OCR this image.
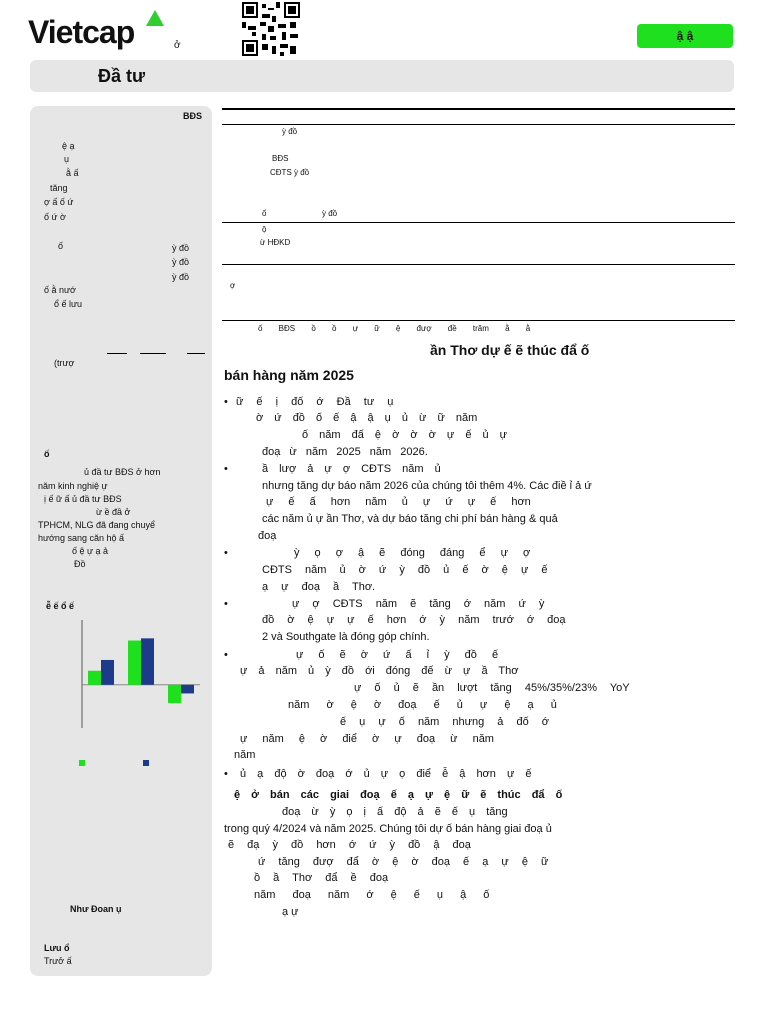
Vietcap	ở
ậ ậ
Đầ tư
BĐS
ệ ạ
ụ
ằ ấ
tăng
ợ ấ ố ứ
ố ứ ờ
ố	ỳ đồ
ỳ đồ
ỳ đồ
ố ằ nướ
ổ ế lưu
(trượ
ố
ủ đầ tư BĐS ở hơn
năm kinh nghiệ ự
ị ế ữ ấ ủ đầ tư BĐS
ừ ề đầ ở
TPHCM, NLG đã đang chuyể
hướng sang căn hộ ấ
ố ệ ự ạ ả
Đồ
ễ ế ổ ế
Như Đoan ụ
Lưu ổ
Trưở ấ
ỳ đồ
BĐS
CĐTS ỳ đồ
ố	ỳ đồ
ộ
ừ HĐKD
ợ
ố BĐS ồ ồ ự ữ ệ đượ đề trăm ằ ằ
ần Thơ dự ế ẽ thúc đẩ ố
bán hàng năm 2025
• ữ ế ị đố ớ Đầ tư ụ
ờ ứ đồ ố ế ậ ậ ụ ủ ừ ữ năm
ố năm đấ ệ ờ ờ ờ ự ế ủ ự
đoạ ừ năm 2025 năm 2026.
•	ầ lượ ả ự ợ CĐTS năm ủ
nhưng tăng dự báo năm 2026 của chúng tôi thêm 4%. Các điề ỉ ả ứ
ự ế ấ hơn năm ủ ự ứ ự ế hơn
các năm ủ ự ần Thơ, và dự báo tăng chi phí bán hàng & quả
đoạ
•	ỳ ọ ợ ậ ẽ đóng đáng ể ự ợ
CĐTS năm ủ ờ ứ ỳ đồ ủ ế ờ ệ ự ế
ạ ự đoạ ầ Thơ.
•	ự ợ CĐTS năm ẽ tăng ớ năm ứ ỳ
đồ ờ ệ ự ự ế hơn ớ ỳ năm trướ ớ đoạ
2 và Southgate là đóng góp chính.
•	ự ố ẽ ờ ứ ấ ỉ ỳ đồ ế
ự ả năm ủ ỳ đồ ới đóng đế ừ ự ầ Thơ
ự ố ủ ẽ ần lượt tăng 45%/35%/23% YoY
năm ờ ệ ờ đoạ ế ủ ự ệ ạ ủ
ế ụ ự ố năm nhưng ả đố ớ
ự năm ệ ờ điể ờ ự đoạ ừ năm
năm
• ủ ạ độ ờ đoạ ớ ủ ự ọ điể ễ ậ hơn ự ế
ệ ở bán các giai đoạ ế ạ ự ệ ữ ẽ thúc đẩ ố
đoạ ừ ỳ ọ ị ấ độ ả ẽ ế ụ tăng
trong quý 4/2024 và năm 2025. Chúng tôi dự ố bán hàng giai đoạ ủ
ẽ đạ ỳ đồ hơn ớ ứ ỳ đồ ậ đoạ
ứ tăng đượ đẩ ờ ệ ờ đoạ ế ạ ự ệ ữ
ồ ầ Thơ đẩ ề đoạ
năm đoạ năm ớ ệ ế ụ ậ ố
ạ ự
